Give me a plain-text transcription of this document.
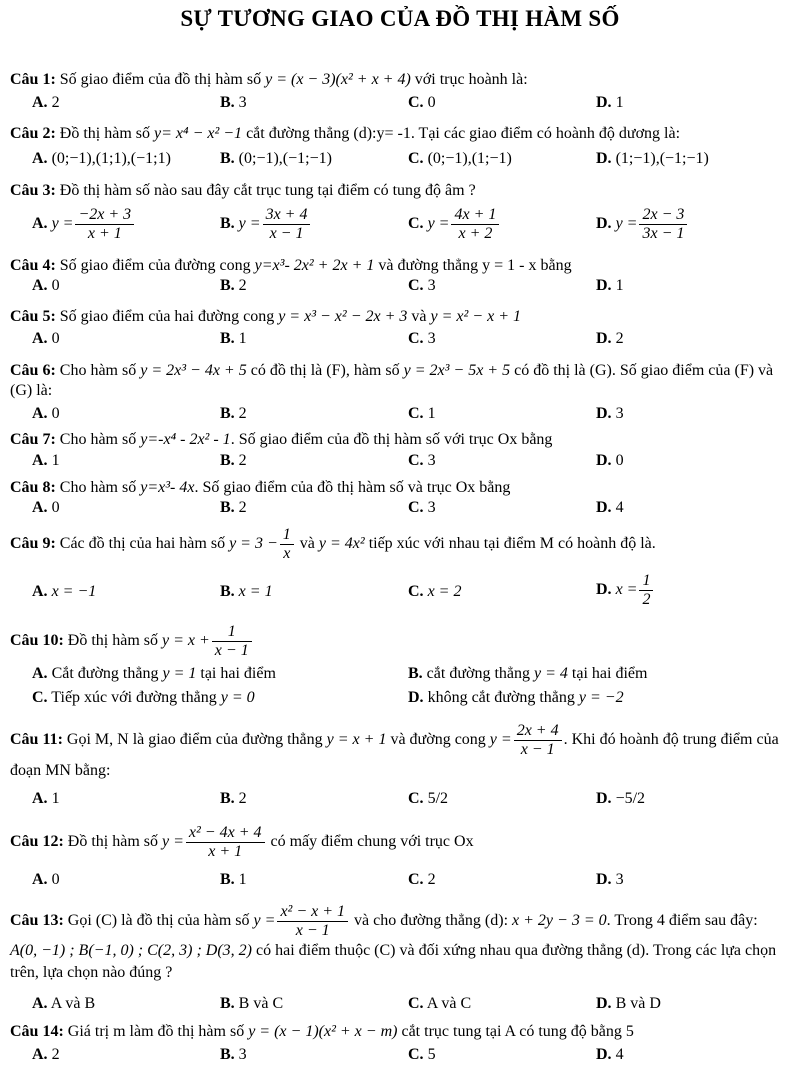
SỰ TƯƠNG GIAO CỦA ĐỒ THỊ HÀM SỐ
Câu 1: Số giao điểm của đồ thị hàm số y = (x − 3)(x² + x + 4) với trục hoành là:
A. 2	B. 3	C. 0	D. 1
Câu 2: Đồ thị hàm số y= x⁴ − x² −1 cắt đường thẳng (d):y= -1. Tại các giao điểm có hoành độ dương là:
A. (0;−1),(1;1),(−1;1)	B. (0;−1),(−1;−1)	C. (0;−1),(1;−1)	D. (1;−1),(−1;−1)
Câu 3: Đồ thị hàm số nào sau đây cắt trục tung tại điểm có tung độ âm ?
A. $y = \frac{-2x + 3}{x + 1}$	B. $y = \frac{3x + 4}{x - 1}$	C. $y = \frac{4x + 1}{x + 2}$	D. $y = \frac{2x - 3}{3x - 1}$
Câu 4: Số giao điểm của đường cong y=x³- 2x² + 2x + 1 và đường thẳng y = 1 - x bằng
A. 0	B. 2	C. 3	D. 1
Câu 5: Số giao điểm của hai đường cong y = x³ − x² − 2x + 3 và y = x² − x + 1
A. 0	B. 1	C. 3	D. 2
Câu 6: Cho hàm số y = 2x³ − 4x + 5 có đồ thị là (F), hàm số y = 2x³ − 5x + 5 có đồ thị là (G). Số giao điểm của (F) và (G) là:
A. 0	B. 2	C. 1	D. 3
Câu 7: Cho hàm số y=-x⁴ - 2x² - 1. Số giao điểm của đồ thị hàm số với trục Ox bằng
A. 1	B. 2	C. 3	D. 0
Câu 8: Cho hàm số y=x³- 4x. Số giao điểm của đồ thị hàm số và trục Ox bằng
A. 0	B. 2	C. 3	D. 4
Câu 9: Các đồ thị của hai hàm số $y = 3 - \frac{1}{x}$ và y = 4x² tiếp xúc với nhau tại điểm M có hoành độ là.
A. x = −1	B. x = 1	C. x = 2	D. $x = \frac{1}{2}$
Câu 10: Đồ thị hàm số $y = x + \frac{1}{x - 1}$
A. Cắt đường thẳng y = 1 tại hai điểm	B. cắt đường thẳng y = 4 tại hai điểm
C. Tiếp xúc với đường thẳng y = 0	D. không cắt đường thẳng y = −2
Câu 11: Gọi M, N là giao điểm của đường thẳng y = x + 1 và đường cong $y = \frac{2x + 4}{x - 1}$ . Khi đó hoành độ trung điểm của đoạn MN bằng:
A. 1	B. 2	C. 5/2	D. −5/2
Câu 12: Đồ thị hàm số $y = \frac{\text{x² − 4x + 4}}{x + 1}$ có mấy điểm chung với trục Ox
A. 0	B. 1	C. 2	D. 3
Câu 13: Gọi (C) là đồ thị của hàm số $y = \frac{\text{x² − x + 1}}{x - 1}$ và cho đường thẳng (d): x + 2y − 3 = 0. Trong 4 điểm sau đây: A(0, −1) ; B(−1, 0) ; C(2, 3) ; D(3, 2) có hai điểm thuộc (C) và đối xứng nhau qua đường thẳng (d). Trong các lựa chọn trên, lựa chọn nào đúng ?
A. A và B	B. B và C	C. A và C	D. B và D
Câu 14: Giá trị m làm đồ thị hàm số y = (x − 1)(x² + x − m) cắt trục tung tại A có tung độ bằng 5
A. 2	B. 3	C. 5	D. 4
